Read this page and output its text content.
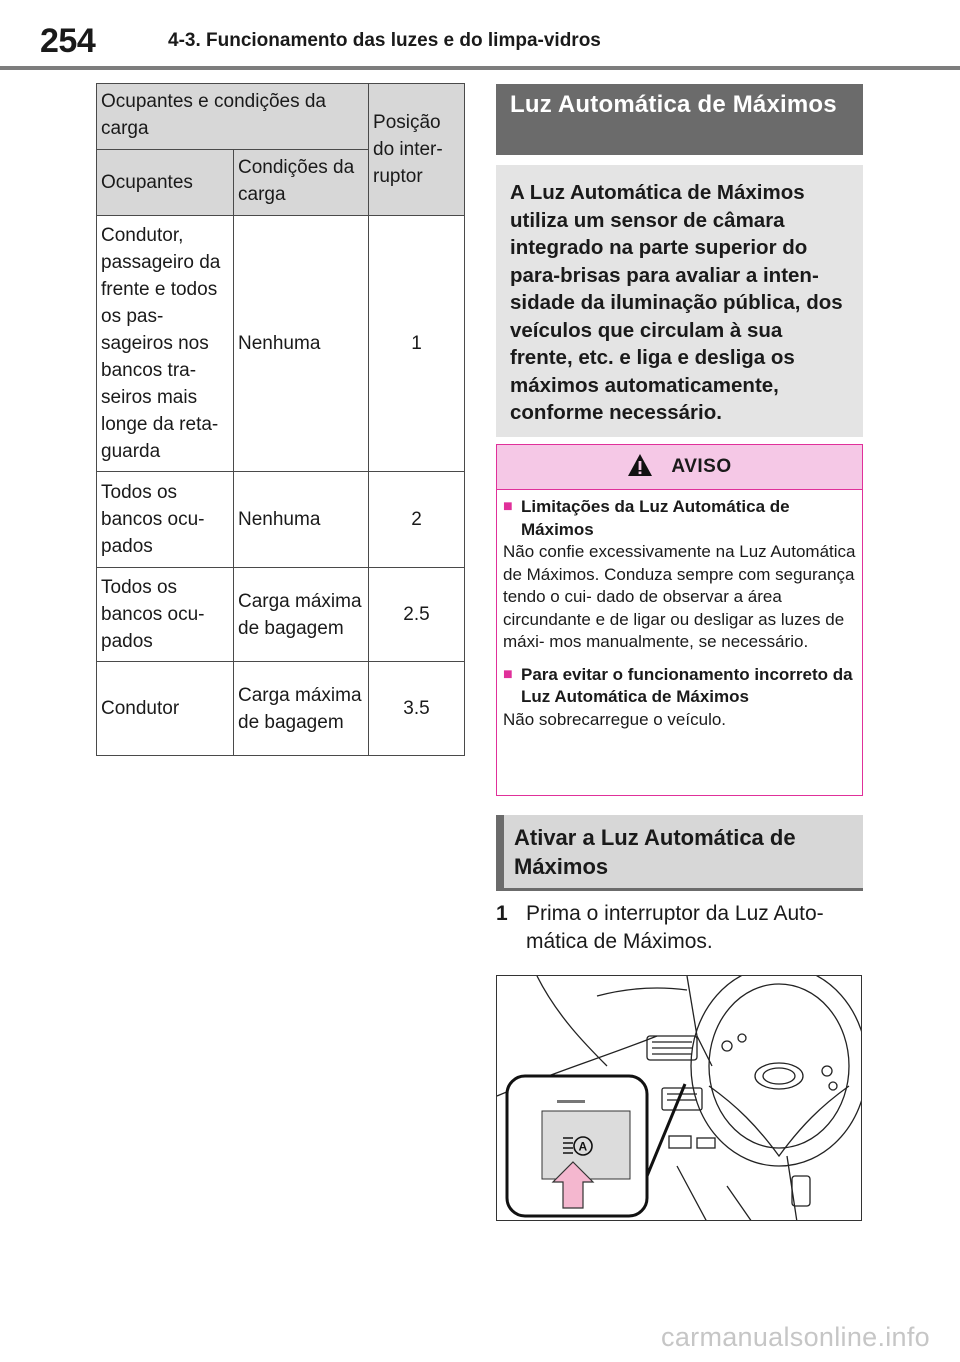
254	4-3. Funcionamento das luzes e do limpa-vidros
Ocupantes e condições da carga		Posição do inter- ruptor
Ocupantes	Condições da carga	
Condutor, passageiro da frente e todos os pas- sageiros nos bancos tra- seiros mais longe da reta- guarda	Nenhuma	1
Todos os bancos ocu- pados	Nenhuma	2
Todos os bancos ocu- pados	Carga máxima de bagagem	2.5
Condutor	Carga máxima de bagagem	3.5
Luz Automática de Máximos
A Luz Automática de Máximos utiliza um sensor de câmara integrado na parte superior do para-brisas para avaliar a inten- sidade da iluminação pública, dos veículos que circulam à sua frente, etc. e liga e desliga os máximos automaticamente, conforme necessário.
AVISO
■ Limitações da Luz Automática de Máximos
Não confie excessivamente na Luz Automática de Máximos. Conduza sempre com segurança tendo o cui- dado de observar a área circundante e de ligar ou desligar as luzes de máxi- mos manualmente, se necessário.
■ Para evitar o funcionamento incorreto da Luz Automática de Máximos
Não sobrecarregue o veículo.
Ativar a Luz Automática de Máximos
1 Prima o interruptor da Luz Auto- mática de Máximos.
A
carmanualsonline.info
